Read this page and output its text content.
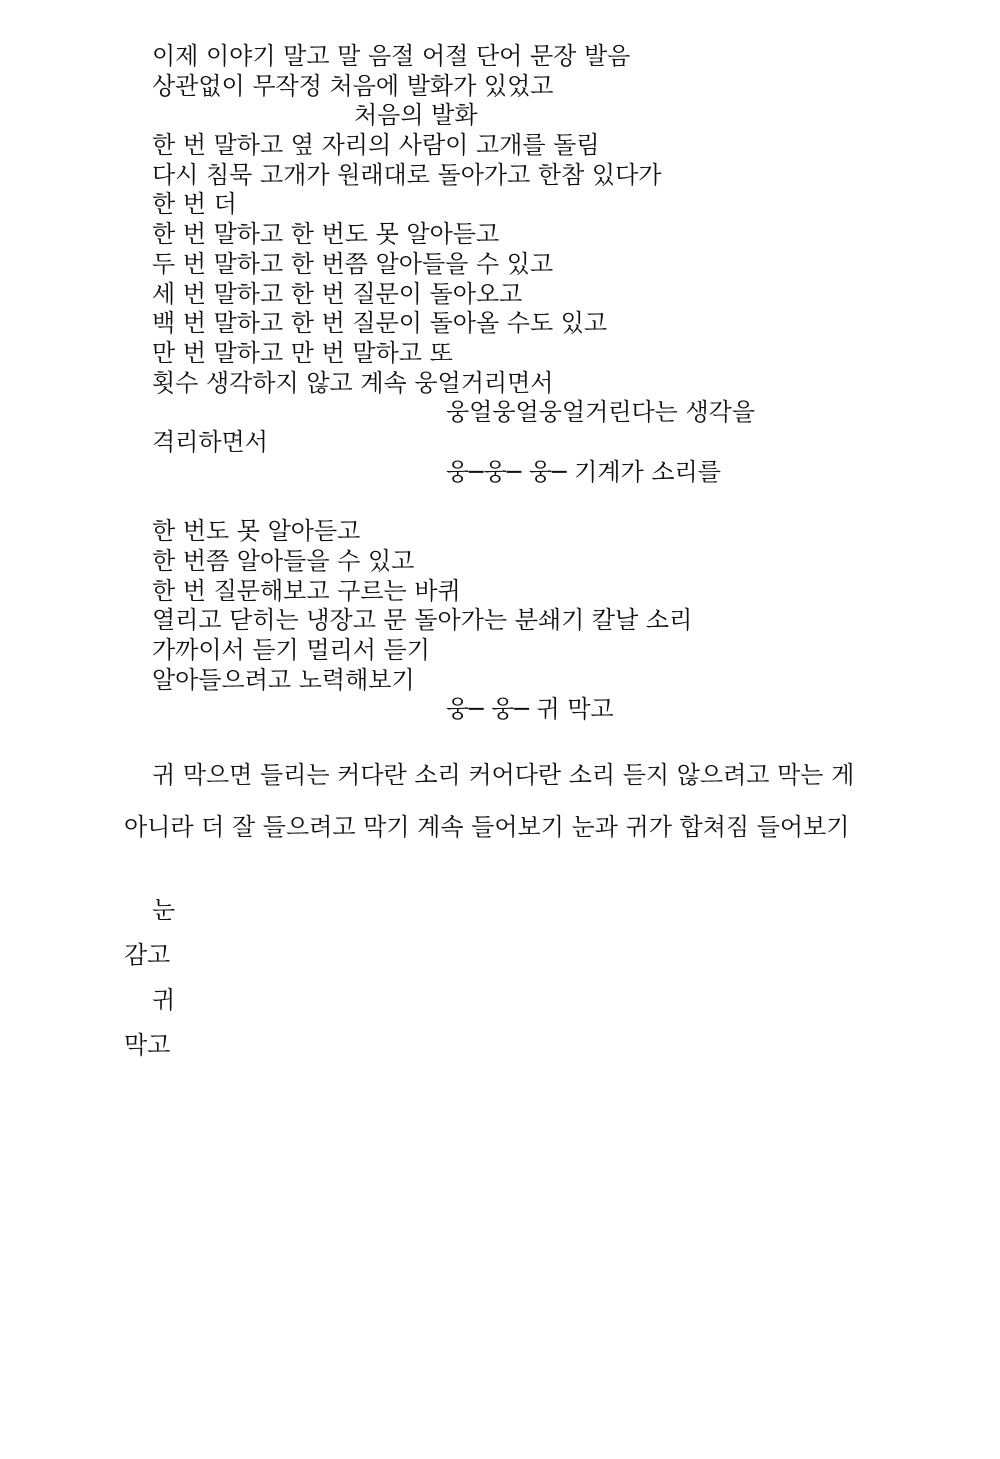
이제 이야기 말고 말 음절 어절 단어 문장 발음
상관없이 무작정 처음에 발화가 있었고
처음의 발화
한 번 말하고 옆 자리의 사람이 고개를 돌림
다시 침묵 고개가 원래대로 돌아가고 한참 있다가
한 번 더
한 번 말하고 한 번도 못 알아듣고
두 번 말하고 한 번쯤 알아들을 수 있고
세 번 말하고 한 번 질문이 돌아오고
백 번 말하고 한 번 질문이 돌아올 수도 있고
만 번 말하고 만 번 말하고 또
횟수 생각하지 않고 계속 웅얼거리면서
웅얼웅얼웅얼거린다는 생각을
격리하면서
웅─웅─ 웅─ 기계가 소리를
한 번도 못 알아듣고
한 번쯤 알아들을 수 있고
한 번 질문해보고 구르는 바퀴
열리고 닫히는 냉장고 문 돌아가는 분쇄기 칼날 소리
가까이서 듣기 멀리서 듣기
알아들으려고 노력해보기
웅─ 웅─ 귀 막고
귀 막으면 들리는 커다란 소리 커어다란 소리 듣지 않으려고 막는 게
아니라 더 잘 들으려고 막기 계속 들어보기 눈과 귀가 합쳐짐 들어보기
눈
감고
귀
막고
